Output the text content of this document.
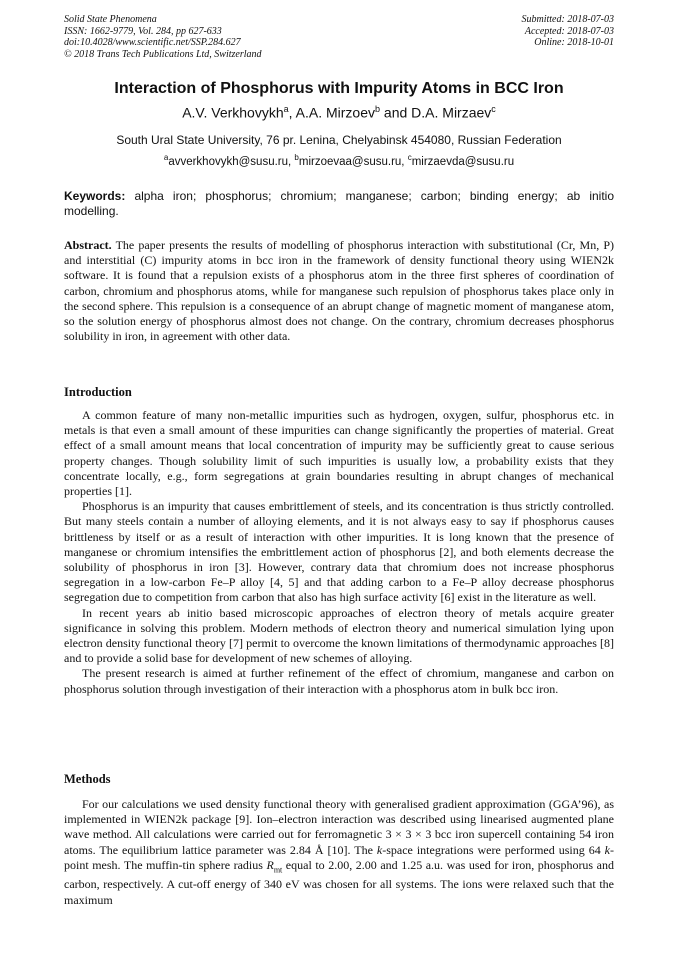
Solid State Phenomena
ISSN: 1662-9779, Vol. 284, pp 627-633
doi:10.4028/www.scientific.net/SSP.284.627
© 2018 Trans Tech Publications Ltd, Switzerland
Submitted: 2018-07-03
Accepted: 2018-07-03
Online: 2018-10-01
Interaction of Phosphorus with Impurity Atoms in BCC Iron
A.V. Verkhovykh$^a$, A.A. Mirzoev$^b$ and D.A. Mirzaev$^c$
South Ural State University, 76 pr. Lenina, Chelyabinsk 454080, Russian Federation
$^a$avverkhovykh@susu.ru, $^b$mirzoevaa@susu.ru, $^c$mirzaevda@susu.ru
Keywords: alpha iron; phosphorus; chromium; manganese; carbon; binding energy; ab initio modelling.
Abstract. The paper presents the results of modelling of phosphorus interaction with substitutional (Cr, Mn, P) and interstitial (C) impurity atoms in bcc iron in the framework of density functional theory using WIEN2k software. It is found that a repulsion exists of a phosphorus atom in the three first spheres of coordination of carbon, chromium and phosphorus atoms, while for manganese such repulsion of phosphorus takes place only in the second sphere. This repulsion is a consequence of an abrupt change of magnetic moment of manganese atom, so the solution energy of phosphorus almost does not change. On the contrary, chromium decreases phosphorus solubility in iron, in agreement with other data.
Introduction

A common feature of many non-metallic impurities such as hydrogen, oxygen, sulfur, phosphorus etc. in metals is that even a small amount of these impurities can change significantly the properties of material. Great effect of a small amount means that local concentration of impurity may be sufficiently great to cause serious property changes. Though solubility limit of such impurities is usually low, a probability exists that they concentrate locally, e.g., form segregations at grain boundaries resulting in abrupt changes of mechanical properties [1].

Phosphorus is an impurity that causes embrittlement of steels, and its concentration is thus strictly controlled. But many steels contain a number of alloying elements, and it is not always easy to say if phosphorus causes brittleness by itself or as a result of interaction with other impurities. It is long known that the presence of manganese or chromium intensifies the embrittlement action of phosphorus [2], and both elements decrease the solubility of phosphorus in iron [3]. However, contrary data that chromium does not increase phosphorus segregation in a low-carbon Fe–P alloy [4, 5] and that adding carbon to a Fe–P alloy decrease phosphorus segregation due to competition from carbon that also has high surface activity [6] exist in the literature as well.

In recent years ab initio based microscopic approaches of electron theory of metals acquire greater significance in solving this problem. Modern methods of electron theory and numerical simulation lying upon electron density functional theory [7] permit to overcome the known limitations of thermodynamic approaches [8] and to provide a solid base for development of new schemes of alloying.

The present research is aimed at further refinement of the effect of chromium, manganese and carbon on phosphorus solution through investigation of their interaction with a phosphorus atom in bulk bcc iron.

Methods

For our calculations we used density functional theory with generalised gradient approximation (GGA’96), as implemented in WIEN2k package [9]. Ion–electron interaction was described using linearised augmented plane wave method. All calculations were carried out for ferromagnetic 3 × 3 × 3 bcc iron supercell containing 54 iron atoms. The equilibrium lattice parameter was 2.84 Å [10]. The k-space integrations were performed using 64 k-point mesh. The muffin-tin sphere radius $R_{mt}$ equal to 2.00, 2.00 and 1.25 a.u. was used for iron, phosphorus and carbon, respectively. A cut-off energy of 340 eV was chosen for all systems. The ions were relaxed such that the maximum
